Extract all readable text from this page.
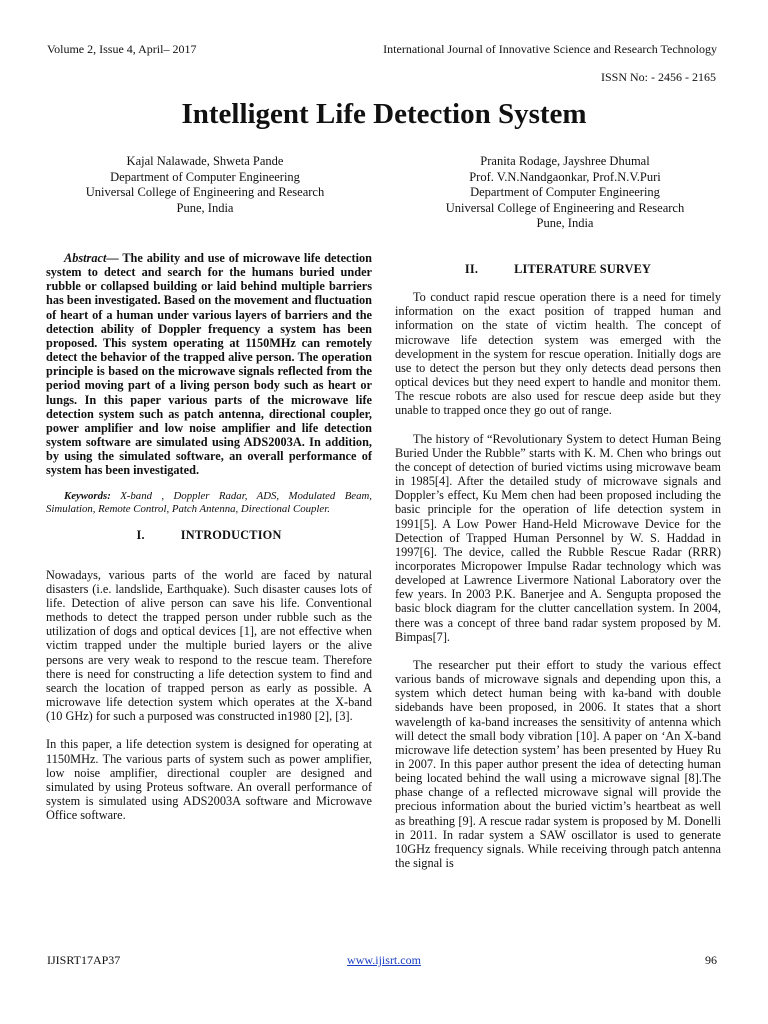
Volume 2, Issue 4, April– 2017	International Journal of Innovative Science and Research Technology
ISSN No: - 2456 - 2165
Intelligent Life Detection System
Kajal Nalawade, Shweta Pande
Department of Computer Engineering
Universal College of Engineering and Research
Pune, India
Pranita Rodage, Jayshree Dhumal
Prof. V.N.Nandgaonkar, Prof.N.V.Puri
Department of Computer Engineering
Universal College of Engineering and Research
Pune, India

Abstract— The ability and use of microwave life detection system to detect and search for the humans buried under rubble or collapsed building or laid behind multiple barriers has been investigated. Based on the movement and fluctuation of heart of a human under various layers of barriers and the detection ability of Doppler frequency a system has been proposed. This system operating at 1150MHz can remotely detect the behavior of the trapped alive person. The operation principle is based on the microwave signals reflected from the period moving part of a living person body such as heart or lungs. In this paper various parts of the microwave life detection system such as patch antenna, directional coupler, power amplifier and low noise amplifier and life detection system software are simulated using ADS2003A. In addition, by using the simulated software, an overall performance of system has been investigated.

Keywords: X-band , Doppler Radar, ADS, Modulated Beam, Simulation, Remote Control, Patch Antenna, Directional Coupler.

I.	INTRODUCTION

Nowadays, various parts of the world are faced by natural disasters (i.e. landslide, Earthquake). Such disaster causes lots of life. Detection of alive person can save his life. Conventional methods to detect the trapped person under rubble such as the utilization of dogs and optical devices [1], are not effective when victim trapped under the multiple buried layers or the alive persons are very weak to respond to the rescue team. Therefore there is need for constructing a life detection system to find and search the location of trapped person as early as possible. A microwave life detection system which operates at the X-band (10 GHz) for such a purposed was constructed in1980 [2], [3].

In this paper, a life detection system is designed for operating at 1150MHz. The various parts of system such as power amplifier, low noise amplifier, directional coupler are designed and simulated by using Proteus software. An overall performance of system is simulated using ADS2003A software and Microwave Office software.

II.	LITERATURE SURVEY

To conduct rapid rescue operation there is a need for timely information on the exact position of trapped human and information on the state of victim health. The concept of microwave life detection system was emerged with the development in the system for rescue operation. Initially dogs are use to detect the person but they only detects dead persons then optical devices but they need expert to handle and monitor them. The rescue robots are also used for rescue deep aside but they unable to trapped once they go out of range.

The history of “Revolutionary System to detect Human Being Buried Under the Rubble” starts with K. M. Chen who brings out the concept of detection of buried victims using microwave beam in 1985[4]. After the detailed study of microwave signals and Doppler’s effect, Ku Mem chen had been proposed including the basic principle for the operation of life detection system in 1991[5]. A Low Power Hand-Held Microwave Device for the Detection of Trapped Human Personnel by W. S. Haddad in 1997[6]. The device, called the Rubble Rescue Radar (RRR) incorporates Micropower Impulse Radar technology which was developed at Lawrence Livermore National Laboratory over the few years. In 2003 P.K. Banerjee and A. Sengupta proposed the basic block diagram for the clutter cancellation system. In 2004, there was a concept of three band radar system proposed by M. Bimpas[7].

The researcher put their effort to study the various effect various bands of microwave signals and depending upon this, a system which detect human being with ka-band with double sidebands have been proposed, in 2006. It states that a short wavelength of ka-band increases the sensitivity of antenna which will detect the small body vibration [10]. A paper on ‘An X-band microwave life detection system’ has been presented by Huey Ru in 2007. In this paper author present the idea of detecting human being located behind the wall using a microwave signal [8].The phase change of a reflected microwave signal will provide the precious information about the buried victim’s heartbeat as well as breathing [9]. A rescue radar system is proposed by M. Donelli in 2011. In radar system a SAW oscillator is used to generate 10GHz frequency signals. While receiving through patch antenna the signal is

IJISRT17AP37	www.ijisrt.com	96
